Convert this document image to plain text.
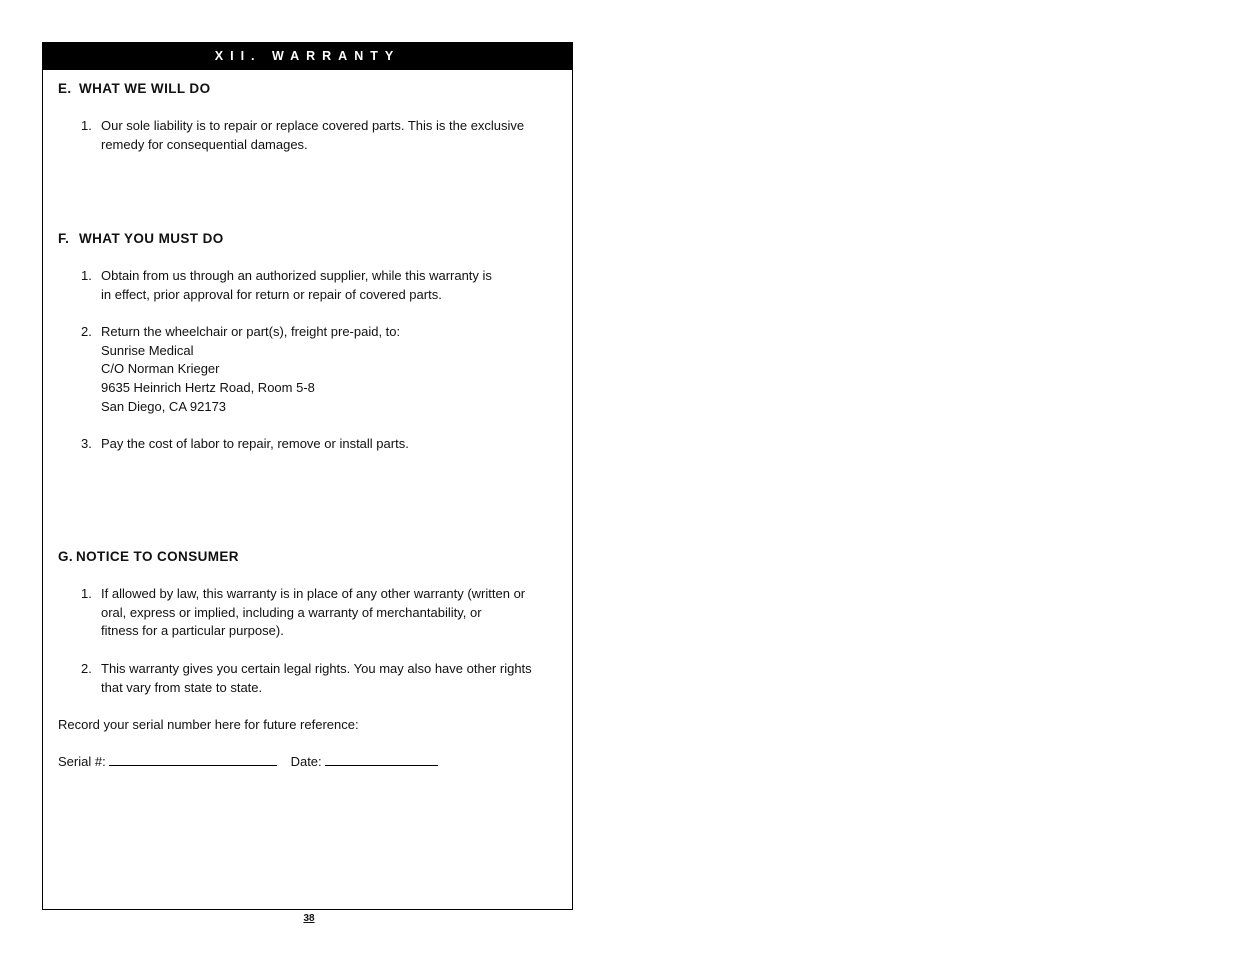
XII. WARRANTY
E. WHAT WE WILL DO
1. Our sole liability is to repair or replace covered parts. This is the exclusive
remedy for consequential damages.
F. WHAT YOU MUST DO
1. Obtain from us through an authorized supplier, while this warranty is
in effect, prior approval for return or repair of covered parts.
2. Return the wheelchair or part(s), freight pre-paid, to:
Sunrise Medical
C/O Norman Krieger
9635 Heinrich Hertz Road, Room 5-8
San Diego, CA 92173
3. Pay the cost of labor to repair, remove or install parts.
G. NOTICE TO CONSUMER
1. If allowed by law, this warranty is in place of any other warranty (written or
oral, express or implied, including a warranty of merchantability, or
fitness for a particular purpose).
2. This warranty gives you certain legal rights. You may also have other rights
that vary from state to state.
Record your serial number here for future reference:
Serial #:	Date:
38
